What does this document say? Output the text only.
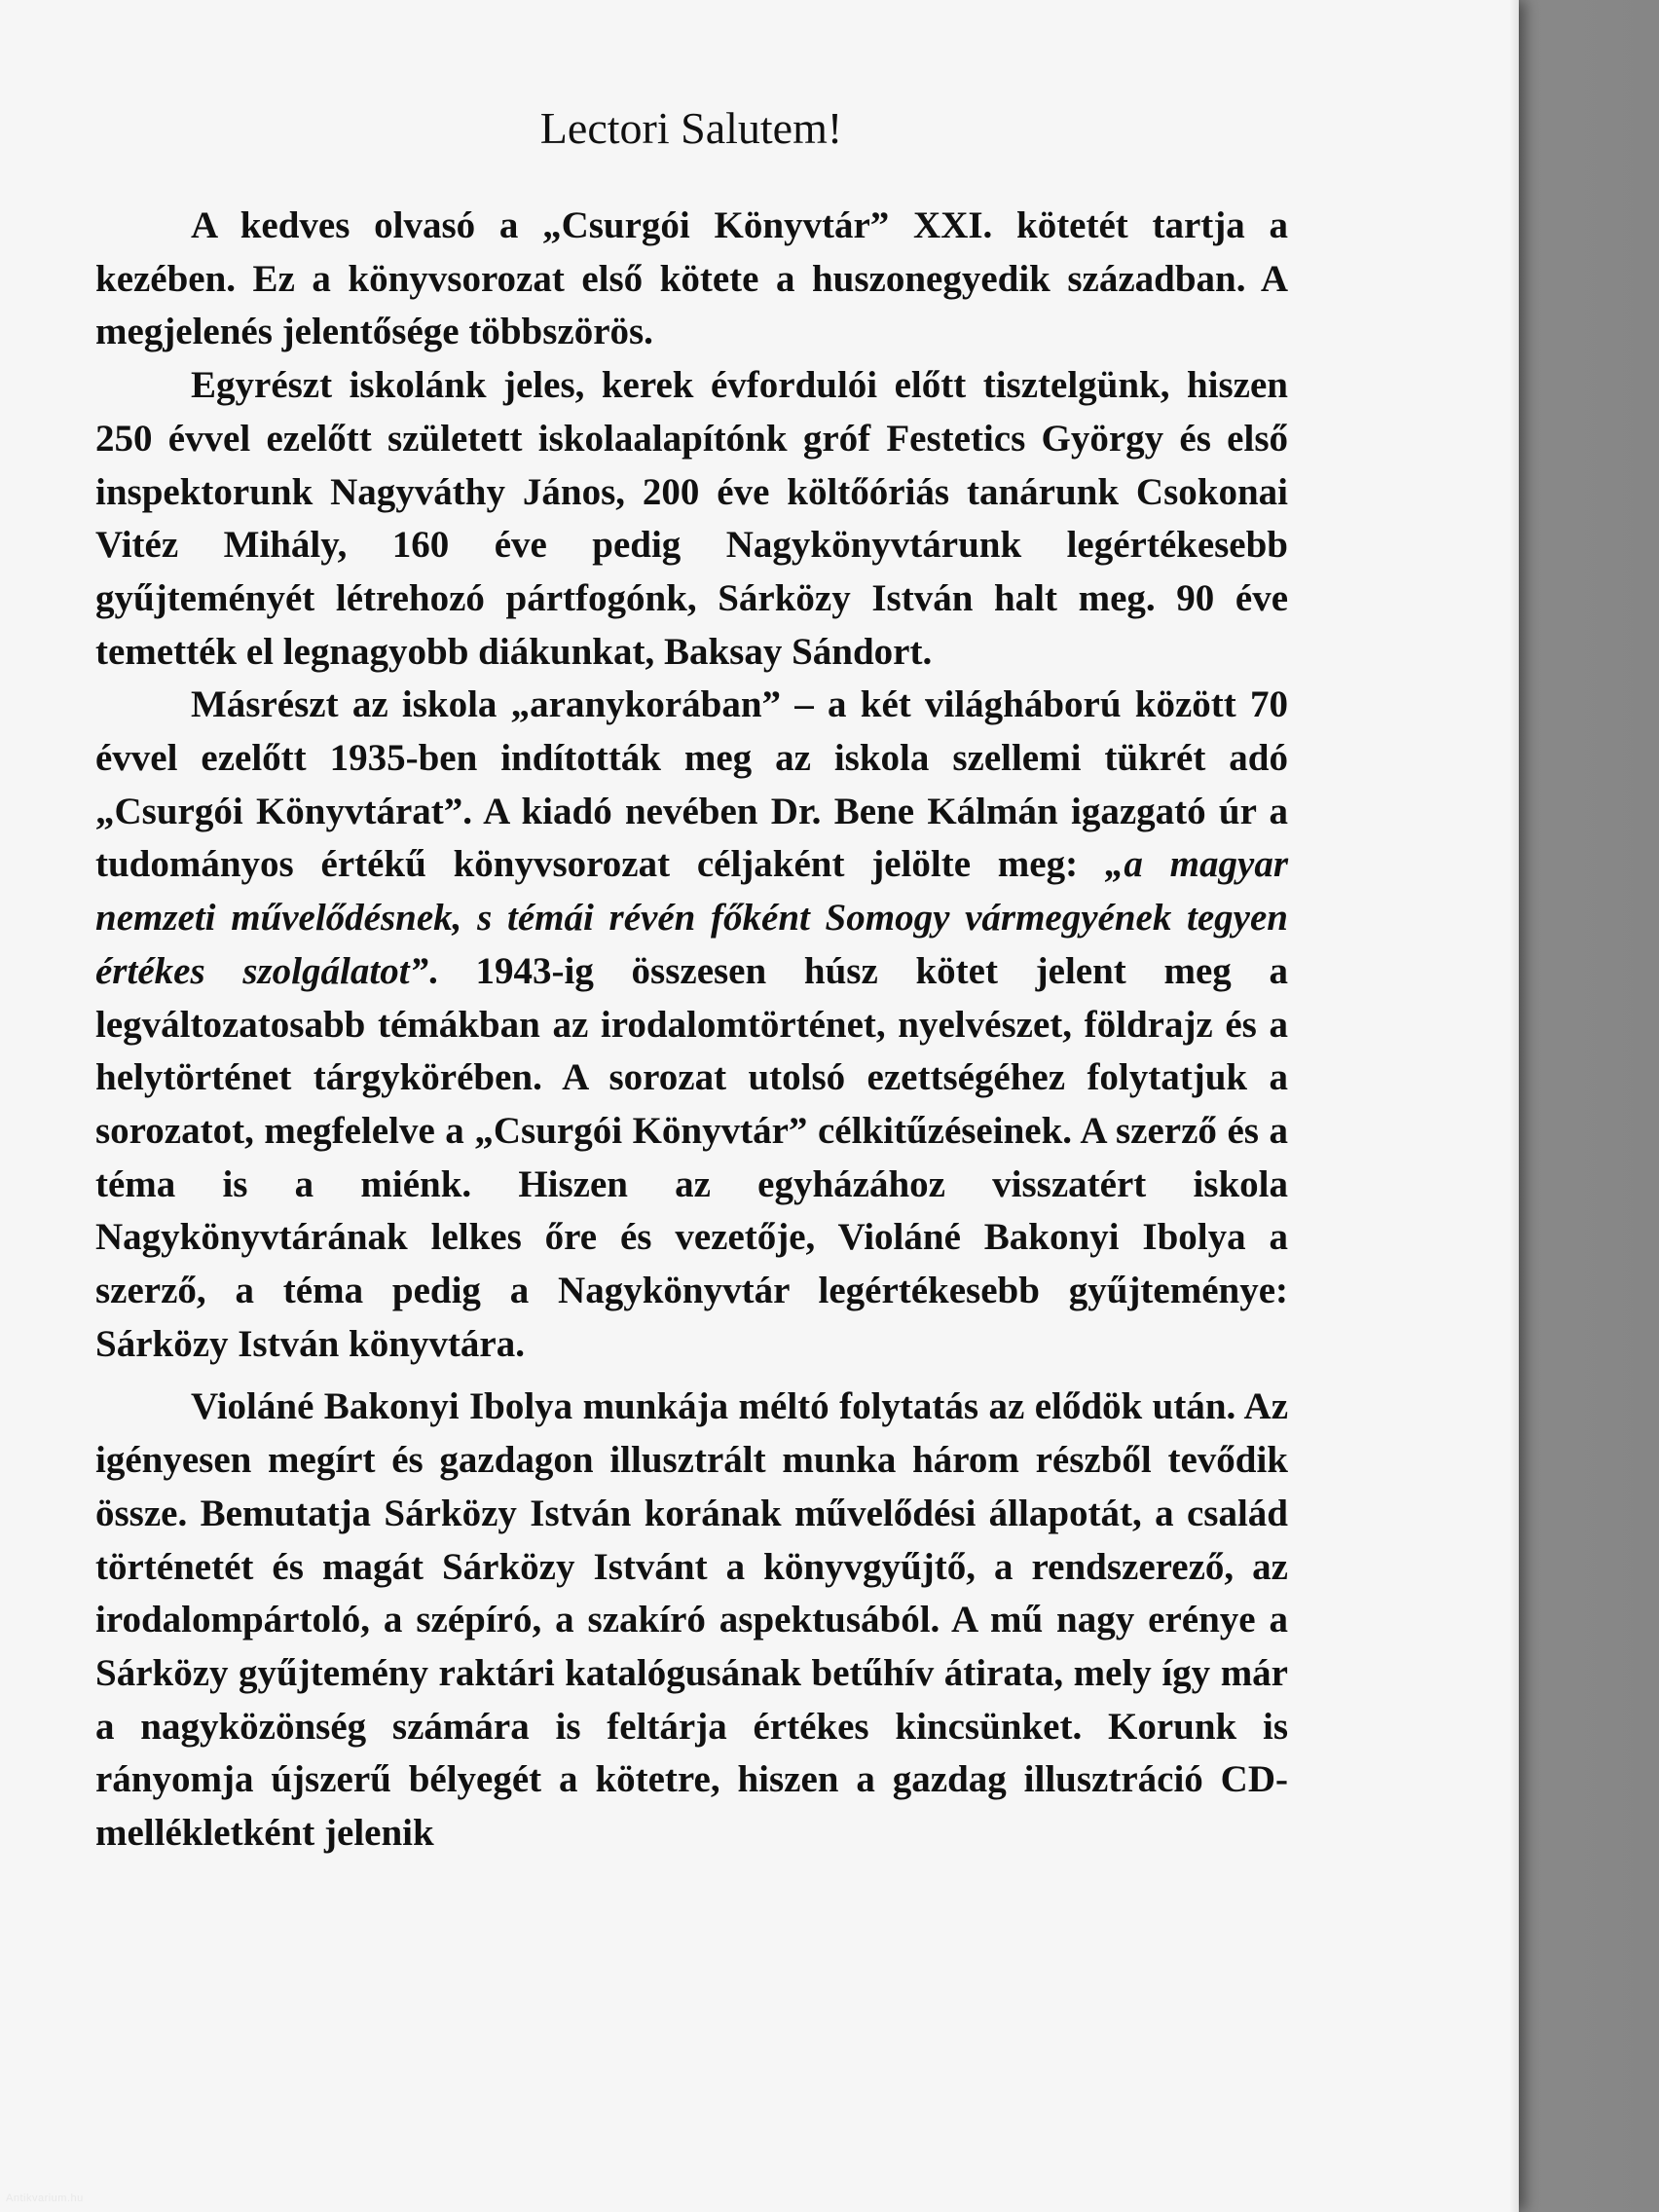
Lectori Salutem!

A kedves olvasó a „Csurgói Könyvtár” XXI. kötetét tartja a kezében. Ez a könyvsorozat első kötete a huszonegyedik században. A megjelenés jelentősége többszörös.

Egyrészt iskolánk jeles, kerek évfordulói előtt tisztelgünk, hiszen 250 évvel ezelőtt született iskolaalapítónk gróf Festetics György és első inspektorunk Nagyváthy János, 200 éve költőóriás tanárunk Csokonai Vitéz Mihály, 160 éve pedig Nagykönyvtárunk legértékesebb gyűjteményét létrehozó pártfogónk, Sárközy István halt meg. 90 éve temették el legnagyobb diákunkat, Baksay Sándort.

Másrészt az iskola „aranykorában” – a két világháború között 70 évvel ezelőtt 1935-ben indították meg az iskola szellemi tükrét adó „Csurgói Könyvtárat”. A kiadó nevében Dr. Bene Kálmán igazgató úr a tudományos értékű könyvsorozat céljaként jelölte meg: „a magyar nemzeti művelődésnek, s témái révén főként Somogy vármegyének tegyen értékes szolgálatot”. 1943-ig összesen húsz kötet jelent meg a legváltozatosabb témákban az irodalomtörténet, nyelvészet, földrajz és a helytörténet tárgykörében. A sorozat utolsó ezettségéhez folytatjuk a sorozatot, megfelelve a „Csurgói Könyvtár” célkitűzéseinek. A szerző és a téma is a miénk. Hiszen az egyházához visszatért iskola Nagykönyvtárának lelkes őre és vezetője, Violáné Bakonyi Ibolya a szerző, a téma pedig a Nagykönyvtár legértékesebb gyűjteménye: Sárközy István könyvtára.

Violáné Bakonyi Ibolya munkája méltó folytatás az elődök után. Az igényesen megírt és gazdagon illusztrált munka három részből tevődik össze. Bemutatja Sárközy István korának művelődési állapotát, a család történetét és magát Sárközy Istvánt a könyvgyűjtő, a rendszerező, az irodalompártoló, a szépíró, a szakíró aspektusából. A mű nagy erénye a Sárközy gyűjtemény raktári katalógusának betűhív átirata, mely így már a nagyközönség számára is feltárja értékes kincsünket. Korunk is rányomja újszerű bélyegét a kötetre, hiszen a gazdag illusztráció CD-mellékletként jelenik

Antikvarium.hu
